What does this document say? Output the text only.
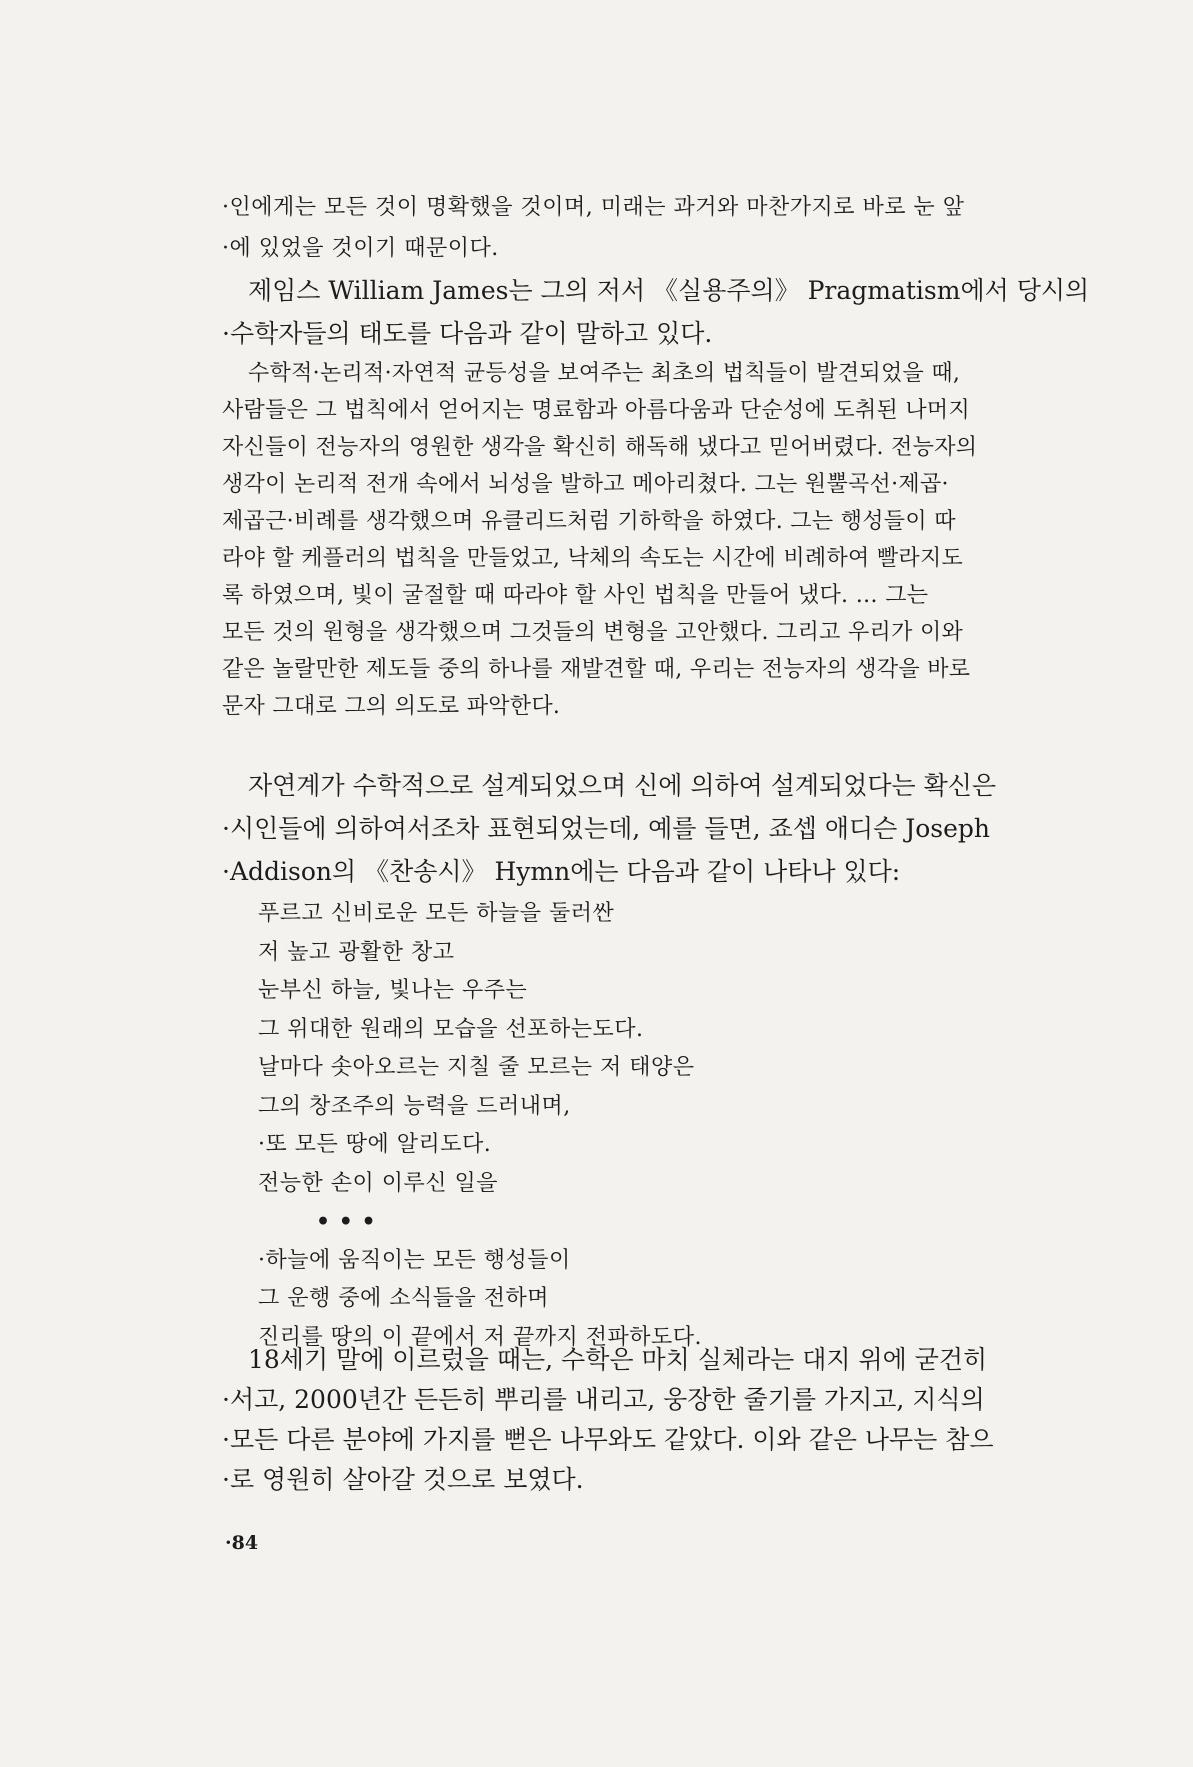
·인에게는 모든 것이 명확했을 것이며, 미래는 과거와 마찬가지로 바로 눈 앞
·에 있었을 것이기 때문이다.
제임스 William James는 그의 저서 《실용주의》 Pragmatism에서 당시의
·수학자들의 태도를 다음과 같이 말하고 있다.
수학적·논리적·자연적 균등성을 보여주는 최초의 법칙들이 발견되었을 때,
사람들은 그 법칙에서 얻어지는 명료함과 아름다움과 단순성에 도취된 나머지
자신들이 전능자의 영원한 생각을 확신히 해독해 냈다고 믿어버렸다. 전능자의
생각이 논리적 전개 속에서 뇌성을 발하고 메아리쳤다. 그는 원뿔곡선·제곱·
제곱근·비례를 생각했으며 유클리드처럼 기하학을 하였다. 그는 행성들이 따
라야 할 케플러의 법칙을 만들었고, 낙체의 속도는 시간에 비례하여 빨라지도
록 하였으며, 빛이 굴절할 때 따라야 할 사인 법칙을 만들어 냈다. … 그는
모든 것의 원형을 생각했으며 그것들의 변형을 고안했다. 그리고 우리가 이와
같은 놀랄만한 제도들 중의 하나를 재발견할 때, 우리는 전능자의 생각을 바로
문자 그대로 그의 의도로 파악한다.
자연계가 수학적으로 설계되었으며 신에 의하여 설계되었다는 확신은
·시인들에 의하여서조차 표현되었는데, 예를 들면, 죠셉 애디슨 Joseph
·Addison의 《찬송시》 Hymn에는 다음과 같이 나타나 있다:
푸르고 신비로운 모든 하늘을 둘러싼
저 높고 광활한 창고
눈부신 하늘, 빛나는 우주는
그 위대한 원래의 모습을 선포하는도다.
날마다 솟아오르는 지칠 줄 모르는 저 태양은
그의 창조주의 능력을 드러내며,
·또 모든 땅에 알리도다.
전능한 손이 이루신 일을
• • •
·하늘에 움직이는 모든 행성들이
그 운행 중에 소식들을 전하며
진리를 땅의 이 끝에서 저 끝까지 전파하도다.
18세기 말에 이르렀을 때는, 수학은 마치 실체라는 대지 위에 굳건히
·서고, 2000년간 든든히 뿌리를 내리고, 웅장한 줄기를 가지고, 지식의
·모든 다른 분야에 가지를 뻗은 나무와도 같았다. 이와 같은 나무는 참으
·로 영원히 살아갈 것으로 보였다.
·84
